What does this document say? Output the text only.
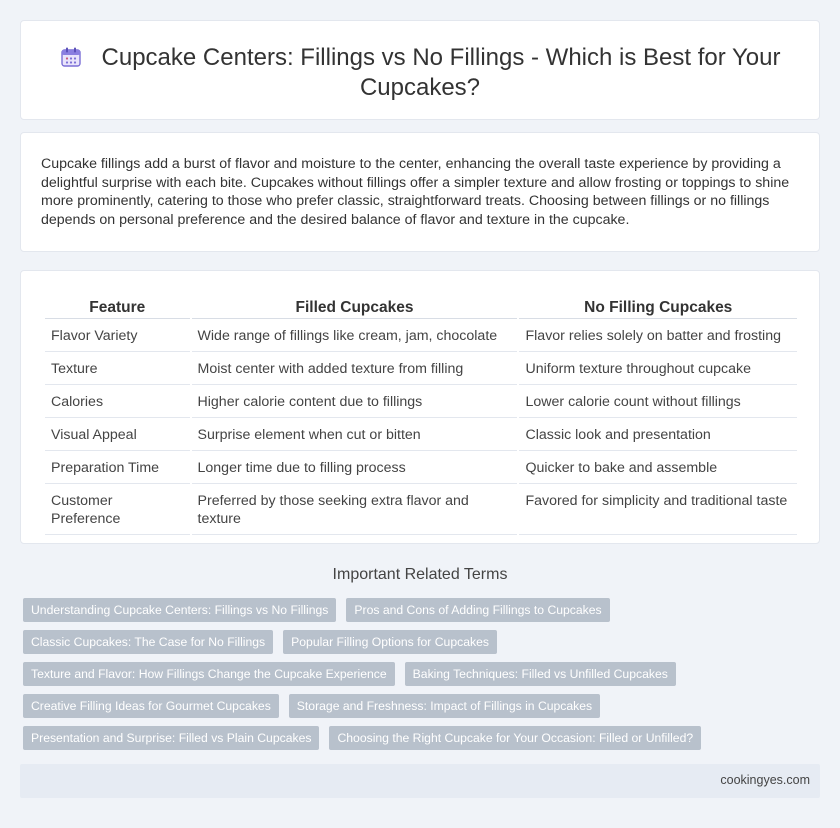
Cupcake Centers: Fillings vs No Fillings - Which is Best for Your Cupcakes?

Cupcake fillings add a burst of flavor and moisture to the center, enhancing the overall taste experience by providing a delightful surprise with each bite. Cupcakes without fillings offer a simpler texture and allow frosting or toppings to shine more prominently, catering to those who prefer classic, straightforward treats. Choosing between fillings or no fillings depends on personal preference and the desired balance of flavor and texture in the cupcake.

Feature	Filled Cupcakes	No Filling Cupcakes
Flavor Variety	Wide range of fillings like cream, jam, chocolate	Flavor relies solely on batter and frosting
Texture	Moist center with added texture from filling	Uniform texture throughout cupcake
Calories	Higher calorie content due to fillings	Lower calorie count without fillings
Visual Appeal	Surprise element when cut or bitten	Classic look and presentation
Preparation Time	Longer time due to filling process	Quicker to bake and assemble
Customer Preference	Preferred by those seeking extra flavor and texture	Favored for simplicity and traditional taste
Important Related Terms
Understanding Cupcake Centers: Fillings vs No Fillings	Pros and Cons of Adding Fillings to Cupcakes
Classic Cupcakes: The Case for No Fillings	Popular Filling Options for Cupcakes
Texture and Flavor: How Fillings Change the Cupcake Experience	Baking Techniques: Filled vs Unfilled Cupcakes
Creative Filling Ideas for Gourmet Cupcakes	Storage and Freshness: Impact of Fillings in Cupcakes
Presentation and Surprise: Filled vs Plain Cupcakes	Choosing the Right Cupcake for Your Occasion: Filled or Unfilled?
cookingyes.com
